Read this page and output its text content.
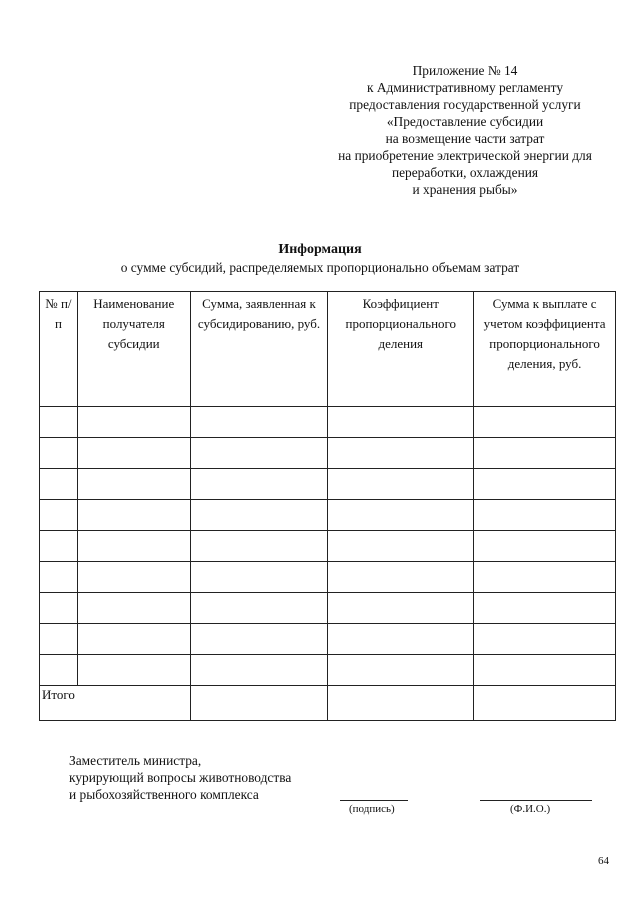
Приложение № 14
к Административному регламенту
предоставления государственной услуги
«Предоставление субсидии
на возмещение части затрат
на приобретение электрической энергии для
переработки, охлаждения
и хранения рыбы»
Информация
о сумме субсидий, распределяемых пропорционально объемам затрат
№ п/п	Наименование получателя субсидии	Сумма, заявленная к субсидированию, руб.	Коэффициент пропорционального деления	Сумма к выплате с учетом коэффициента пропорционального деления, руб.

Итого				
Заместитель министра,
курирующий вопросы животноводства
и рыбохозяйственного комплекса
(подпись)	(Ф.И.О.)
64
